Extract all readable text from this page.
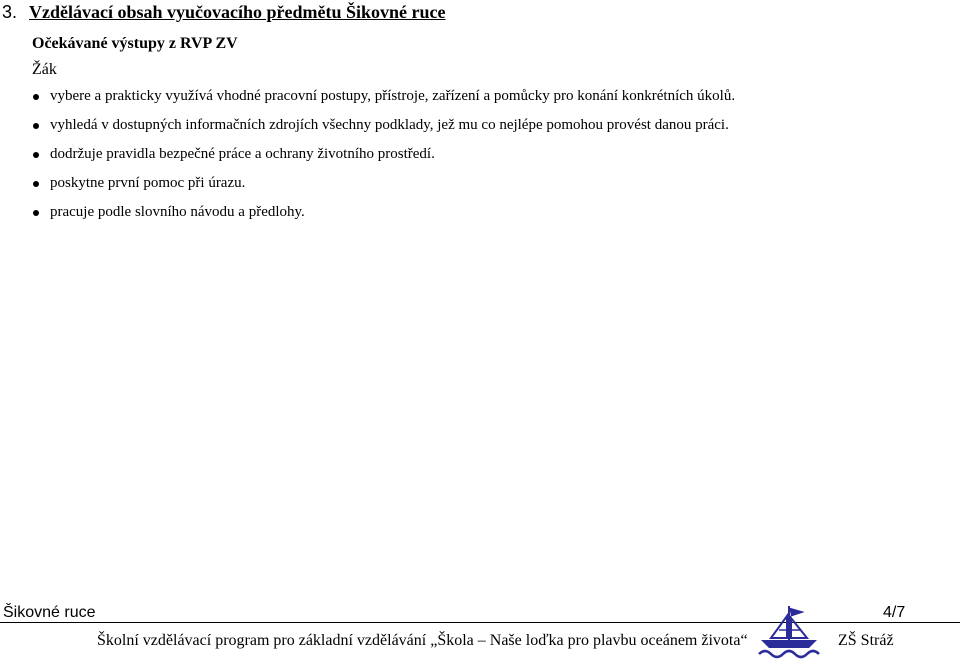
3. Vzdělávací obsah vyučovacího předmětu Šikovné ruce
Očekávané výstupy z RVP ZV
Žák
vybere a prakticky využívá vhodné pracovní postupy, přístroje, zařízení a pomůcky pro konání konkrétních úkolů.
vyhledá v dostupných informačních zdrojích všechny podklady, jež mu co nejlépe pomohou provést danou práci.
dodržuje pravidla bezpečné práce a ochrany životního prostředí.
poskytne první pomoc při úrazu.
pracuje podle slovního návodu a předlohy.
Šikovné ruce	4/7
Školní vzdělávací program pro základní vzdělávání „Škola – Naše loďka pro plavbu oceánem života“	ZŠ Stráž
